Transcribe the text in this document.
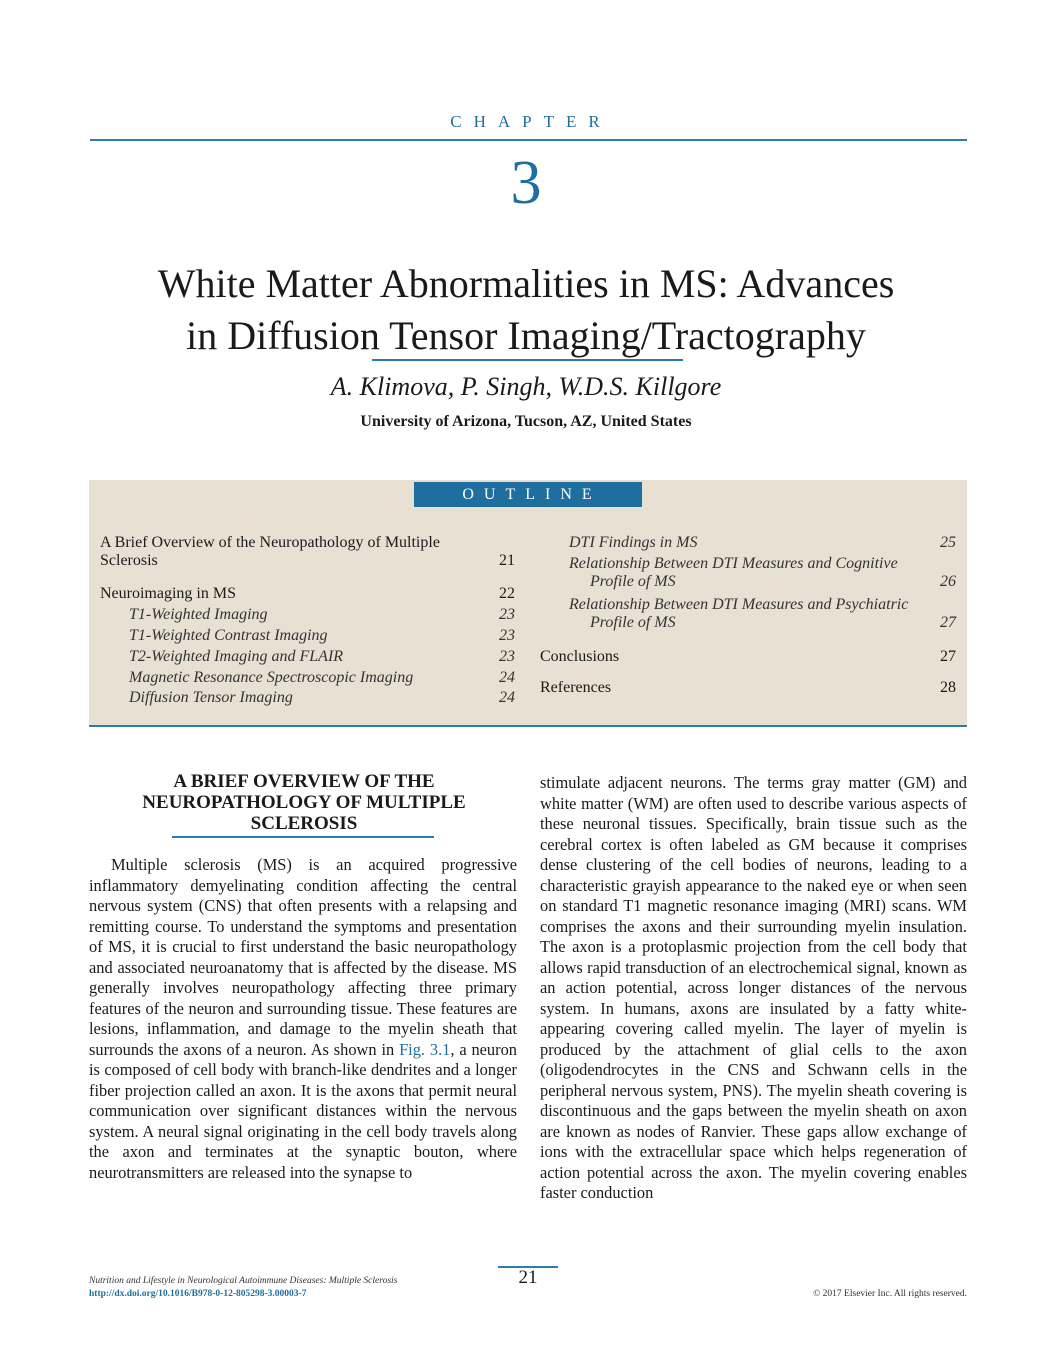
CHAPTER
3
White Matter Abnormalities in MS: Advances
in Diffusion Tensor Imaging/Tractography
A. Klimova, P. Singh, W.D.S. Killgore
University of Arizona, Tucson, AZ, United States
OUTLINE
A Brief Overview of the Neuropathology of Multiple
Sclerosis	21
Neuroimaging in MS	22
T1-Weighted Imaging	23
T1-Weighted Contrast Imaging	23
T2-Weighted Imaging and FLAIR	23
Magnetic Resonance Spectroscopic Imaging	24
Diffusion Tensor Imaging	24
DTI Findings in MS	25
Relationship Between DTI Measures and Cognitive
Profile of MS	26
Relationship Between DTI Measures and Psychiatric
Profile of MS	27
Conclusions	27
References	28
A BRIEF OVERVIEW OF THE
NEUROPATHOLOGY OF MULTIPLE
SCLEROSIS
Multiple sclerosis (MS) is an acquired progressive inflammatory demyelinating condition affecting the central nervous system (CNS) that often presents with a relapsing and remitting course. To understand the symptoms and presentation of MS, it is crucial to first understand the basic neuropathology and associated neuroanatomy that is affected by the disease. MS generally involves neuropathology affecting three primary features of the neuron and surrounding tissue. These features are lesions, inflammation, and damage to the myelin sheath that surrounds the axons of a neuron. As shown in Fig. 3.1, a neuron is composed of cell body with branch-like dendrites and a longer fiber projection called an axon. It is the axons that permit neural communication over significant distances within the nervous system. A neural signal originating in the cell body travels along the axon and terminates at the synaptic bouton, where neurotransmitters are released into the synapse to
stimulate adjacent neurons. The terms gray matter (GM) and white matter (WM) are often used to describe various aspects of these neuronal tissues. Specifically, brain tissue such as the cerebral cortex is often labeled as GM because it comprises dense clustering of the cell bodies of neurons, leading to a characteristic grayish appearance to the naked eye or when seen on standard T1 magnetic resonance imaging (MRI) scans. WM comprises the axons and their surrounding myelin insulation. The axon is a protoplasmic projection from the cell body that allows rapid transduction of an electrochemical signal, known as an action potential, across longer distances of the nervous system. In humans, axons are insulated by a fatty white-appearing covering called myelin. The layer of myelin is produced by the attachment of glial cells to the axon (oligodendrocytes in the CNS and Schwann cells in the peripheral nervous system, PNS). The myelin sheath covering is discontinuous and the gaps between the myelin sheath on axon are known as nodes of Ranvier. These gaps allow exchange of ions with the extracellular space which helps regeneration of action potential across the axon. The myelin covering enables faster conduction
21
Nutrition and Lifestyle in Neurological Autoimmune Diseases: Multiple Sclerosis
http://dx.doi.org/10.1016/B978-0-12-805298-3.00003-7	© 2017 Elsevier Inc. All rights reserved.
